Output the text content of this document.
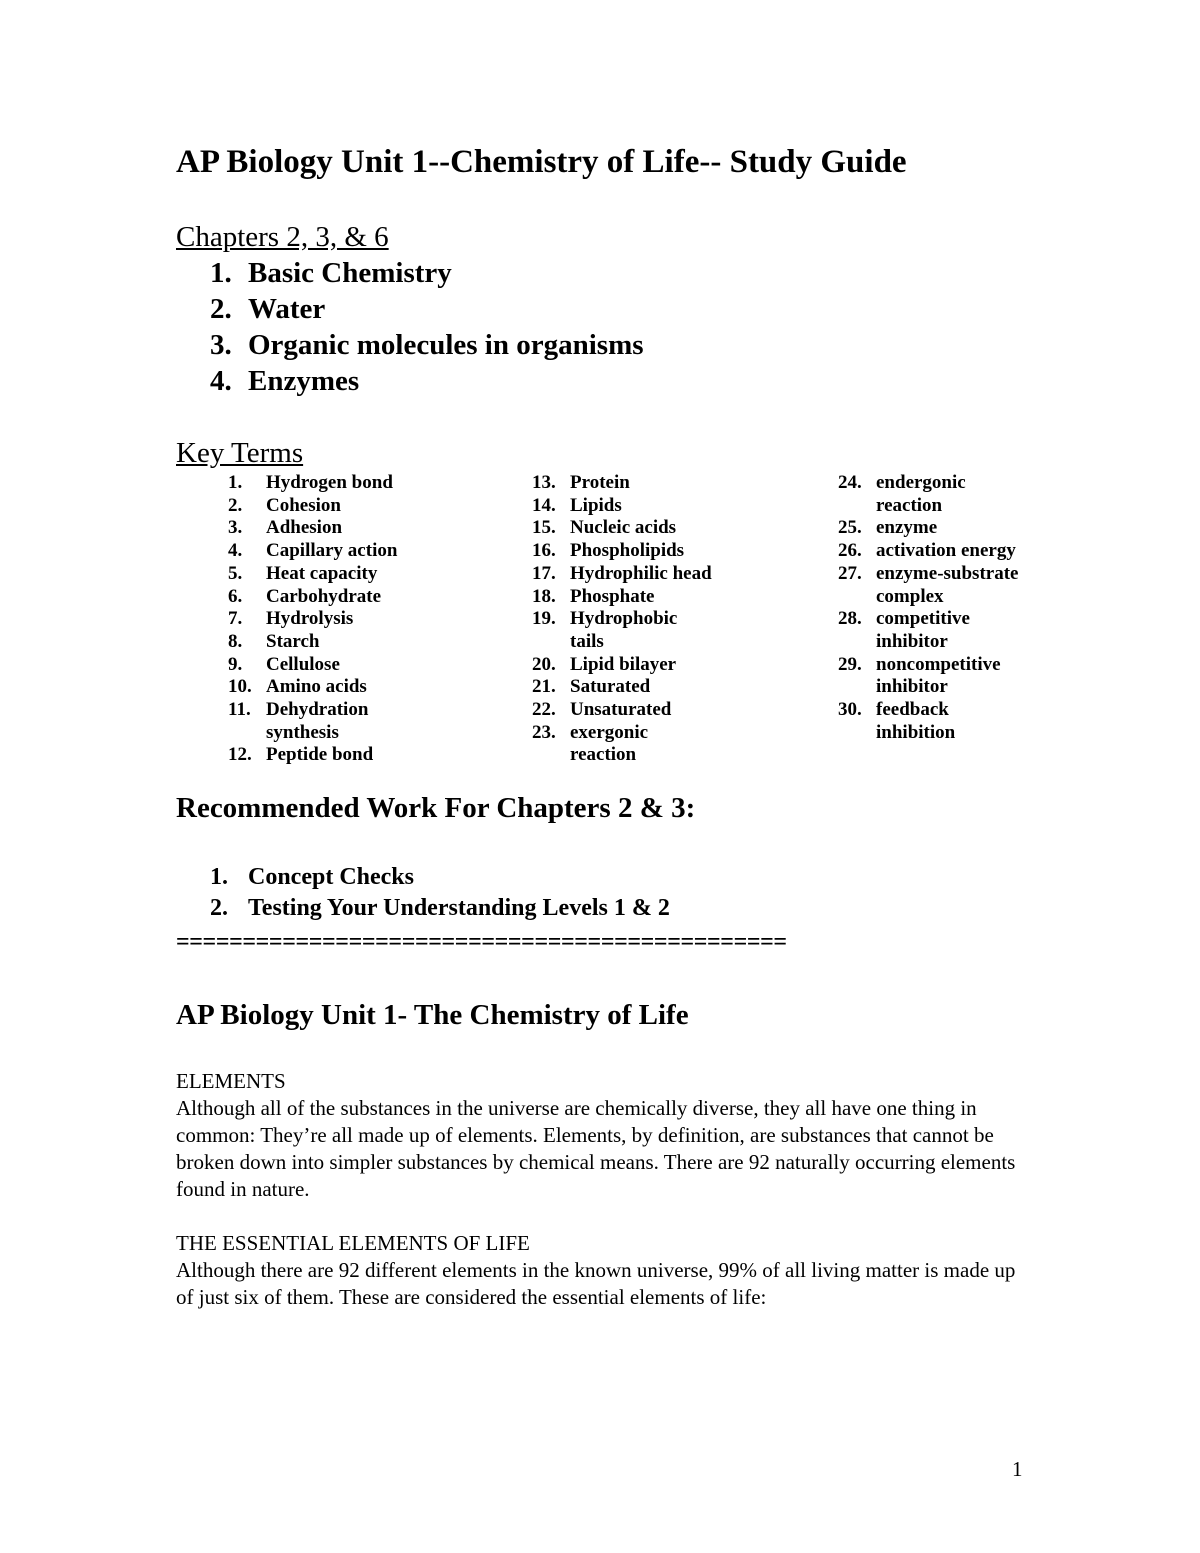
AP Biology Unit 1--Chemistry of Life-- Study Guide
Chapters 2, 3, & 6
1. Basic Chemistry
2. Water
3. Organic molecules in organisms
4. Enzymes
Key Terms
1.	Hydrogen bond
2.	Cohesion
3.	Adhesion
4.	Capillary action
5.	Heat capacity
6.	Carbohydrate
7.	Hydrolysis
8.	Starch
9.	Cellulose
10. Amino acids
11. Dehydration synthesis
12. Peptide bond
13. Protein
14. Lipids
15. Nucleic acids
16. Phospholipids
17. Hydrophilic head
18. Phosphate
19. Hydrophobic tails
20. Lipid bilayer
21. Saturated
22. Unsaturated
23. exergonic reaction
24. endergonic reaction
25. enzyme
26. activation energy
27. enzyme-substrate complex
28. competitive inhibitor
29. noncompetitive inhibitor
30. feedback inhibition
Recommended Work For Chapters 2 & 3:
1. Concept Checks
2. Testing Your Understanding Levels 1 & 2
==============================================
AP Biology Unit 1- The Chemistry of Life
ELEMENTS

Although all of the substances in the universe are chemically diverse, they all have one thing in common: They’re all made up of elements. Elements, by definition, are substances that cannot be broken down into simpler substances by chemical means. There are 92 naturally occurring elements found in nature.

THE ESSENTIAL ELEMENTS OF LIFE

Although there are 92 different elements in the known universe, 99% of all living matter is made up of just six of them. These are considered the essential elements of life:

1
